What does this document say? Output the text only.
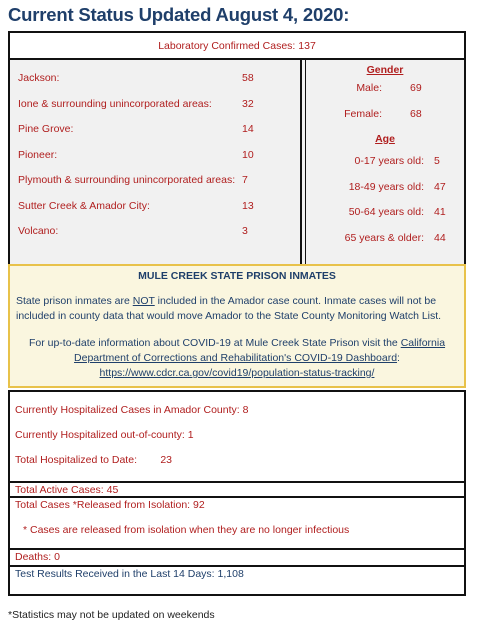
Current Status Updated August 4, 2020:
Laboratory Confirmed Cases: 137
Jackson:	58
Ione & surrounding unincorporated areas:	32
Pine Grove:	14
Pioneer:	10
Plymouth & surrounding unincorporated areas: 7
Sutter Creek & Amador City:	13
Volcano:	3
Gender
Male:	69
Female:	68
Age
0-17 years old: 5
18-49 years old: 47
50-64 years old: 41
65 years & older: 44
MULE CREEK STATE PRISON INMATES

State prison inmates are NOT included in the Amador case count. Inmate cases will not be included in county data that would move Amador to the State County Monitoring Watch List.

For up-to-date information about COVID-19 at Mule Creek State Prison visit the California Department of Corrections and Rehabilitation's COVID-19 Dashboard:
https://www.cdcr.ca.gov/covid19/population-status-tracking/

Currently Hospitalized Cases in Amador County: 8
Currently Hospitalized out-of-county: 1
Total Hospitalized to Date:        23
Total Active Cases: 45
Total Cases *Released from Isolation: 92
* Cases are released from isolation when they are no longer infectious
Deaths: 0
Test Results Received in the Last 14 Days: 1,108
*Statistics may not be updated on weekends
